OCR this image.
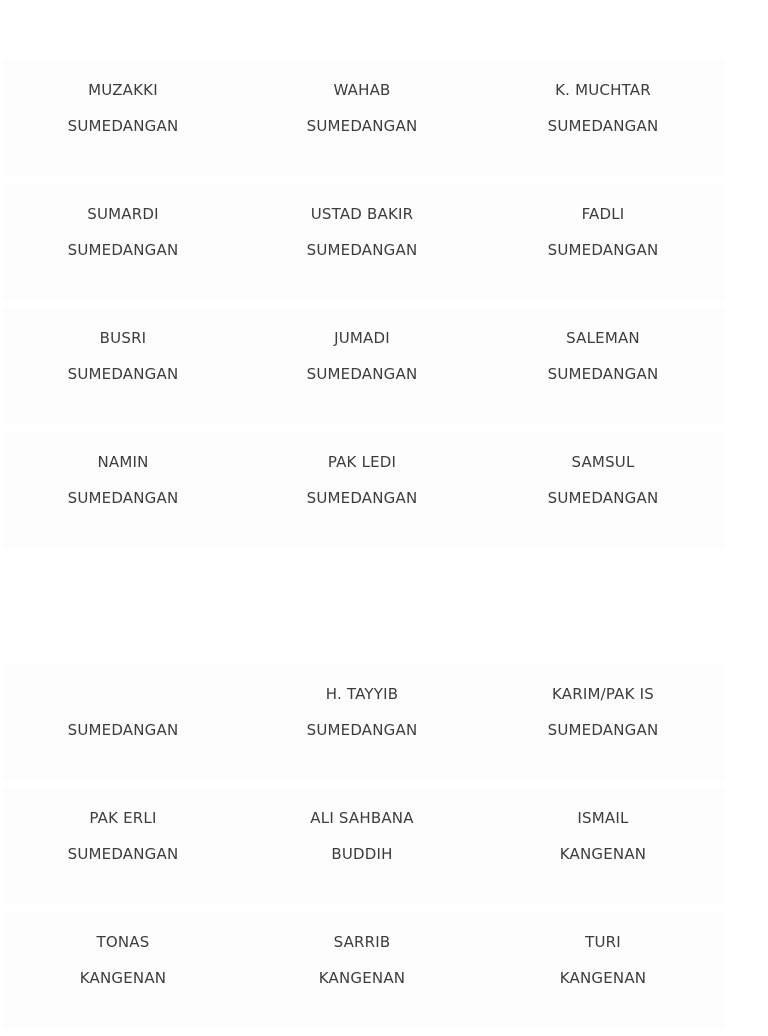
MUZAKKI
SUMEDANGAN
WAHAB
SUMEDANGAN
K. MUCHTAR
SUMEDANGAN
SUMARDI
SUMEDANGAN
USTAD BAKIR
SUMEDANGAN
FADLI
SUMEDANGAN
BUSRI
SUMEDANGAN
JUMADI
SUMEDANGAN
SALEMAN
SUMEDANGAN
NAMIN
SUMEDANGAN
PAK LEDI
SUMEDANGAN
SAMSUL
SUMEDANGAN
SUMEDANGAN
H. TAYYIB
SUMEDANGAN
KARIM/PAK IS
SUMEDANGAN
PAK ERLI
SUMEDANGAN
ALI SAHBANA
BUDDIH
ISMAIL
KANGENAN
TONAS
KANGENAN
SARRIB
KANGENAN
TURI
KANGENAN
